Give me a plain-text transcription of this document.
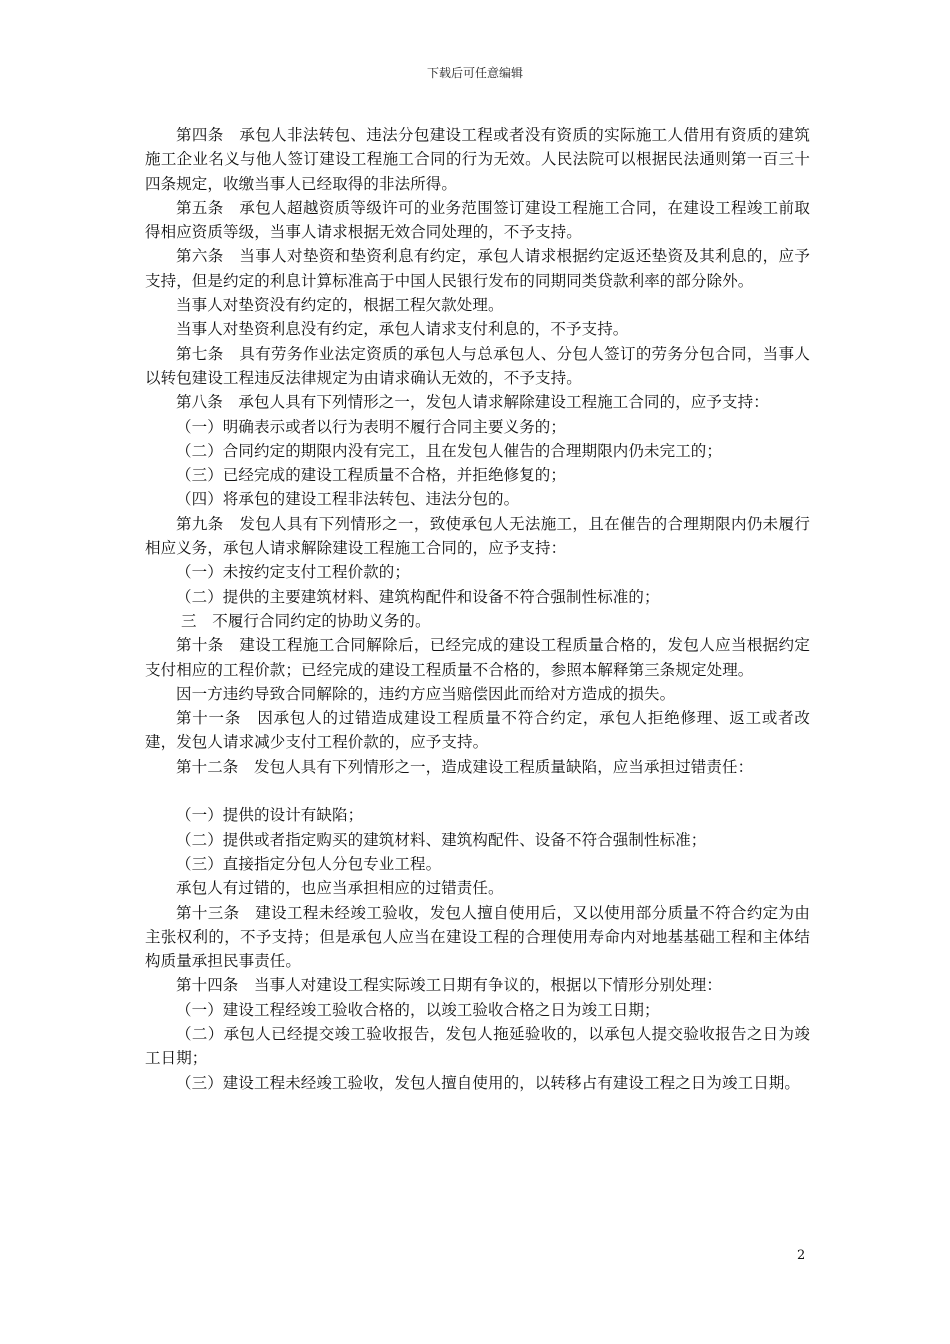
下载后可任意编辑

第四条　承包人非法转包、违法分包建设工程或者没有资质的实际施工人借用有资质的建筑施工企业名义与他人签订建设工程施工合同的行为无效。人民法院可以根据民法通则第一百三十四条规定，收缴当事人已经取得的非法所得。

第五条　承包人超越资质等级许可的业务范围签订建设工程施工合同，在建设工程竣工前取得相应资质等级，当事人请求根据无效合同处理的，不予支持。

第六条　当事人对垫资和垫资利息有约定，承包人请求根据约定返还垫资及其利息的，应予支持，但是约定的利息计算标准高于中国人民银行发布的同期同类贷款利率的部分除外。

当事人对垫资没有约定的，根据工程欠款处理。

当事人对垫资利息没有约定，承包人请求支付利息的，不予支持。

第七条　具有劳务作业法定资质的承包人与总承包人、分包人签订的劳务分包合同，当事人以转包建设工程违反法律规定为由请求确认无效的，不予支持。

第八条　承包人具有下列情形之一，发包人请求解除建设工程施工合同的，应予支持：

（一）明确表示或者以行为表明不履行合同主要义务的；

（二）合同约定的期限内没有完工，且在发包人催告的合理期限内仍未完工的；

（三）已经完成的建设工程质量不合格，并拒绝修复的；

（四）将承包的建设工程非法转包、违法分包的。

第九条　发包人具有下列情形之一，致使承包人无法施工，且在催告的合理期限内仍未履行相应义务，承包人请求解除建设工程施工合同的，应予支持：

（一）未按约定支付工程价款的；

（二）提供的主要建筑材料、建筑构配件和设备不符合强制性标准的；

三　不履行合同约定的协助义务的。

第十条　建设工程施工合同解除后，已经完成的建设工程质量合格的，发包人应当根据约定支付相应的工程价款；已经完成的建设工程质量不合格的，参照本解释第三条规定处理。

因一方违约导致合同解除的，违约方应当赔偿因此而给对方造成的损失。

第十一条　因承包人的过错造成建设工程质量不符合约定，承包人拒绝修理、返工或者改建，发包人请求减少支付工程价款的，应予支持。

第十二条　发包人具有下列情形之一，造成建设工程质量缺陷，应当承担过错责任：

（一）提供的设计有缺陷；

（二）提供或者指定购买的建筑材料、建筑构配件、设备不符合强制性标准；

（三）直接指定分包人分包专业工程。

承包人有过错的，也应当承担相应的过错责任。

第十三条　建设工程未经竣工验收，发包人擅自使用后，又以使用部分质量不符合约定为由主张权利的，不予支持；但是承包人应当在建设工程的合理使用寿命内对地基基础工程和主体结构质量承担民事责任。

第十四条　当事人对建设工程实际竣工日期有争议的，根据以下情形分别处理：

（一）建设工程经竣工验收合格的，以竣工验收合格之日为竣工日期；

（二）承包人已经提交竣工验收报告，发包人拖延验收的，以承包人提交验收报告之日为竣工日期；

（三）建设工程未经竣工验收，发包人擅自使用的，以转移占有建设工程之日为竣工日期。

2
